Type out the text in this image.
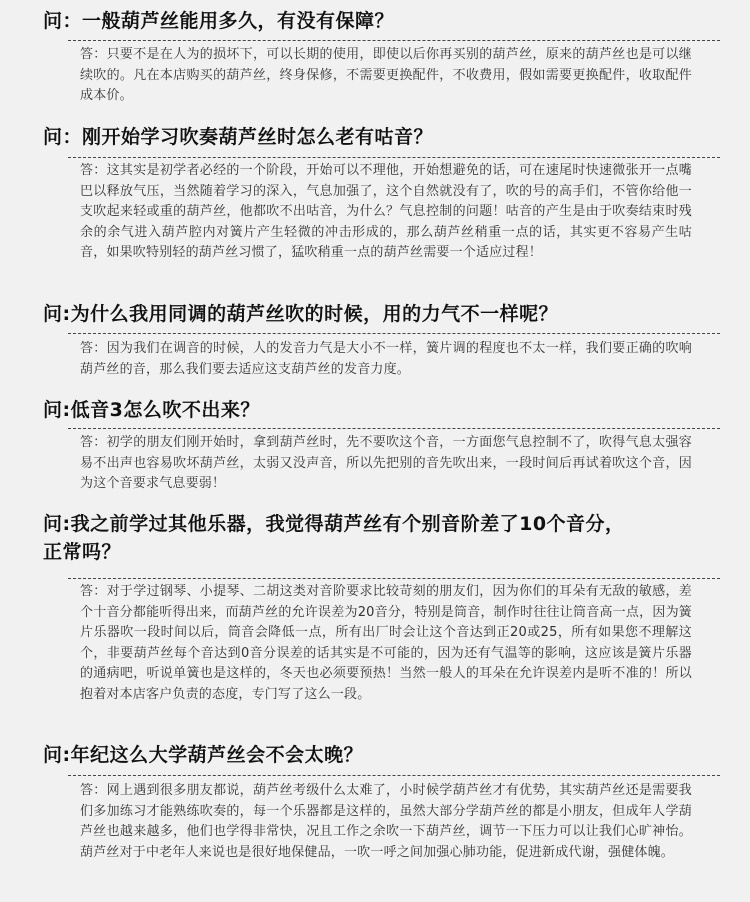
问：一般葫芦丝能用多久，有没有保障？
答：只要不是在人为的损坏下，可以长期的使用，即使以后你再买别的葫芦丝，原来的葫芦丝也是可以继续吹的。凡在本店购买的葫芦丝，终身保修，不需要更换配件，不收费用，假如需要更换配件，收取配件成本价。
问：刚开始学习吹奏葫芦丝时怎么老有咕音？
答：这其实是初学者必经的一个阶段，开始可以不理他，开始想避免的话，可在速尾时快速微张开一点嘴巴以释放气压，当然随着学习的深入，气息加强了，这个自然就没有了，吹的号的高手们，不管你给他一支吹起来轻或重的葫芦丝，他都吹不出咕音，为什么？气息控制的问题！咕音的产生是由于吹奏结束时残余的余气进入葫芦腔内对簧片产生轻微的冲击形成的，那么葫芦丝稍重一点的话，其实更不容易产生咕音，如果吹特别轻的葫芦丝习惯了，猛吹稍重一点的葫芦丝需要一个适应过程！
问:为什么我用同调的葫芦丝吹的时候，用的力气不一样呢？
答：因为我们在调音的时候，人的发音力气是大小不一样，簧片调的程度也不太一样，我们要正确的吹响葫芦丝的音，那么我们要去适应这支葫芦丝的发音力度。
问:低音3怎么吹不出来？
答：初学的朋友们刚开始时，拿到葫芦丝时，先不要吹这个音，一方面您气息控制不了，吹得气息太强容易不出声也容易吹坏葫芦丝，太弱又没声音，所以先把别的音先吹出来，一段时间后再试着吹这个音，因为这个音要求气息要弱！
问:我之前学过其他乐器，我觉得葫芦丝有个别音阶差了10个音分，
正常吗？
答：对于学过钢琴、小提琴、二胡这类对音阶要求比较苛刻的朋友们，因为你们的耳朵有无敌的敏感，差个十音分都能听得出来，而葫芦丝的允许误差为20音分，特别是筒音，制作时往往让筒音高一点，因为簧片乐器吹一段时间以后，筒音会降低一点，所有出厂时会让这个音达到正20或25，所有如果您不理解这个，非要葫芦丝每个音达到0音分误差的话其实是不可能的，因为还有气温等的影响，这应该是簧片乐器的通病吧，听说单簧也是这样的，冬天也必须要预热！当然一般人的耳朵在允许误差内是听不准的！所以抱着对本店客户负责的态度，专门写了这么一段。
问:年纪这么大学葫芦丝会不会太晚？
答：网上遇到很多朋友都说，葫芦丝考级什么太难了，小时候学葫芦丝才有优势，其实葫芦丝还是需要我们多加练习才能熟练吹奏的，每一个乐器都是这样的，虽然大部分学葫芦丝的都是小朋友，但成年人学葫芦丝也越来越多，他们也学得非常快，况且工作之余吹一下葫芦丝，调节一下压力可以让我们心旷神怡。葫芦丝对于中老年人来说也是很好地保健品，一吹一呼之间加强心肺功能，促进新成代谢，强健体魄。
